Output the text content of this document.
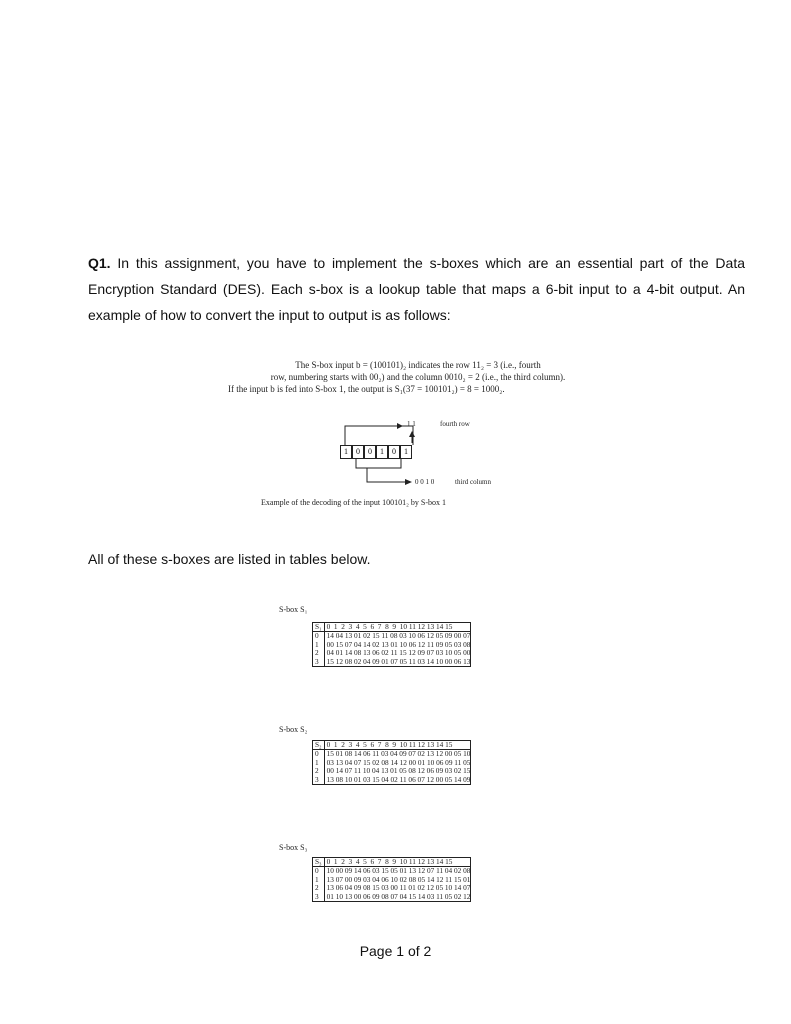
Q1. In this assignment, you have to implement the s-boxes which are an essential part of the Data Encryption Standard (DES). Each s-box is a lookup table that maps a 6-bit input to a 4-bit output. An example of how to convert the input to output is as follows:

The S-box input b = (100101)₂ indicates the row 11₂ = 3 (i.e., fourth
row, numbering starts with 00₂) and the column 0010₂ = 2 (i.e., the third column).
If the input b is fed into S-box 1, the output is S₁(37 = 100101₂) = 8 = 1000₂.
1	0	0	1	0	1
1 1	fourth row
0 0 1 0	third column
Example of the decoding of the input 100101₂ by S-box 1
All of these s-boxes are listed in tables below.
S-box S₁
S₁	0 1 2 3 4 5 6 7 8 9 10 11 12 13 14 15
0	14 04 13 01 02 15 11 08 03 10 06 12 05 09 00 07
1	00 15 07 04 14 02 13 01 10 06 12 11 09 05 03 08
2	04 01 14 08 13 06 02 11 15 12 09 07 03 10 05 00
3	15 12 08 02 04 09 01 07 05 11 03 14 10 00 06 13
S-box S₂
S₂	0 1 2 3 4 5 6 7 8 9 10 11 12 13 14 15
0	15 01 08 14 06 11 03 04 09 07 02 13 12 00 05 10
1	03 13 04 07 15 02 08 14 12 00 01 10 06 09 11 05
2	00 14 07 11 10 04 13 01 05 08 12 06 09 03 02 15
3	13 08 10 01 03 15 04 02 11 06 07 12 00 05 14 09
S-box S₃
S₃	0 1 2 3 4 5 6 7 8 9 10 11 12 13 14 15
0	10 00 09 14 06 03 15 05 01 13 12 07 11 04 02 08
1	13 07 00 09 03 04 06 10 02 08 05 14 12 11 15 01
2	13 06 04 09 08 15 03 00 11 01 02 12 05 10 14 07
3	01 10 13 00 06 09 08 07 04 15 14 03 11 05 02 12
Page 1 of 2
